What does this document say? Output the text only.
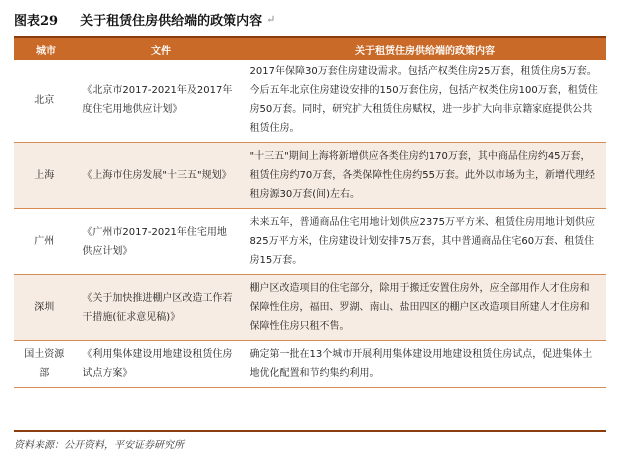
图表29 关于租赁住房供给端的政策内容 ↵
城市	文件	关于租赁住房供给端的政策内容
北京	《北京市2017-2021年及2017年度住宅用地供应计划》	2017年保障30万套住房建设需求。包括产权类住房25万套，租赁住房5万套。今后五年北京住房建设安排的150万套住房，包括产权类住房100万套，租赁住房50万套。同时，研究扩大租赁住房赋权，进一步扩大向非京籍家庭提供公共租赁住房。
上海	《上海市住房发展"十三五"规划》	"十三五"期间上海将新增供应各类住房约170万套，其中商品住房约45万套，租赁住房约70万套，各类保障性住房约55万套。此外以市场为主，新增代理经租房源30万套(间)左右。
广州	《广州市2017-2021年住宅用地供应计划》	未来五年，普通商品住宅用地计划供应2375万平方米、租赁住房用地计划供应825万平方米，住房建设计划安排75万套，其中普通商品住宅60万套、租赁住房15万套。
深圳	《关于加快推进棚户区改造工作若干措施(征求意见稿)》	棚户区改造项目的住宅部分，除用于搬迁安置住房外，应全部用作人才住房和保障性住房，福田、罗湖、南山、盐田四区的棚户区改造项目所建人才住房和保障性住房只租不售。
国土资源部	《利用集体建设用地建设租赁住房试点方案》	确定第一批在13个城市开展利用集体建设用地建设租赁住房试点，促进集体土地优化配置和节约集约利用。
资料来源：公开资料，平安证券研究所
